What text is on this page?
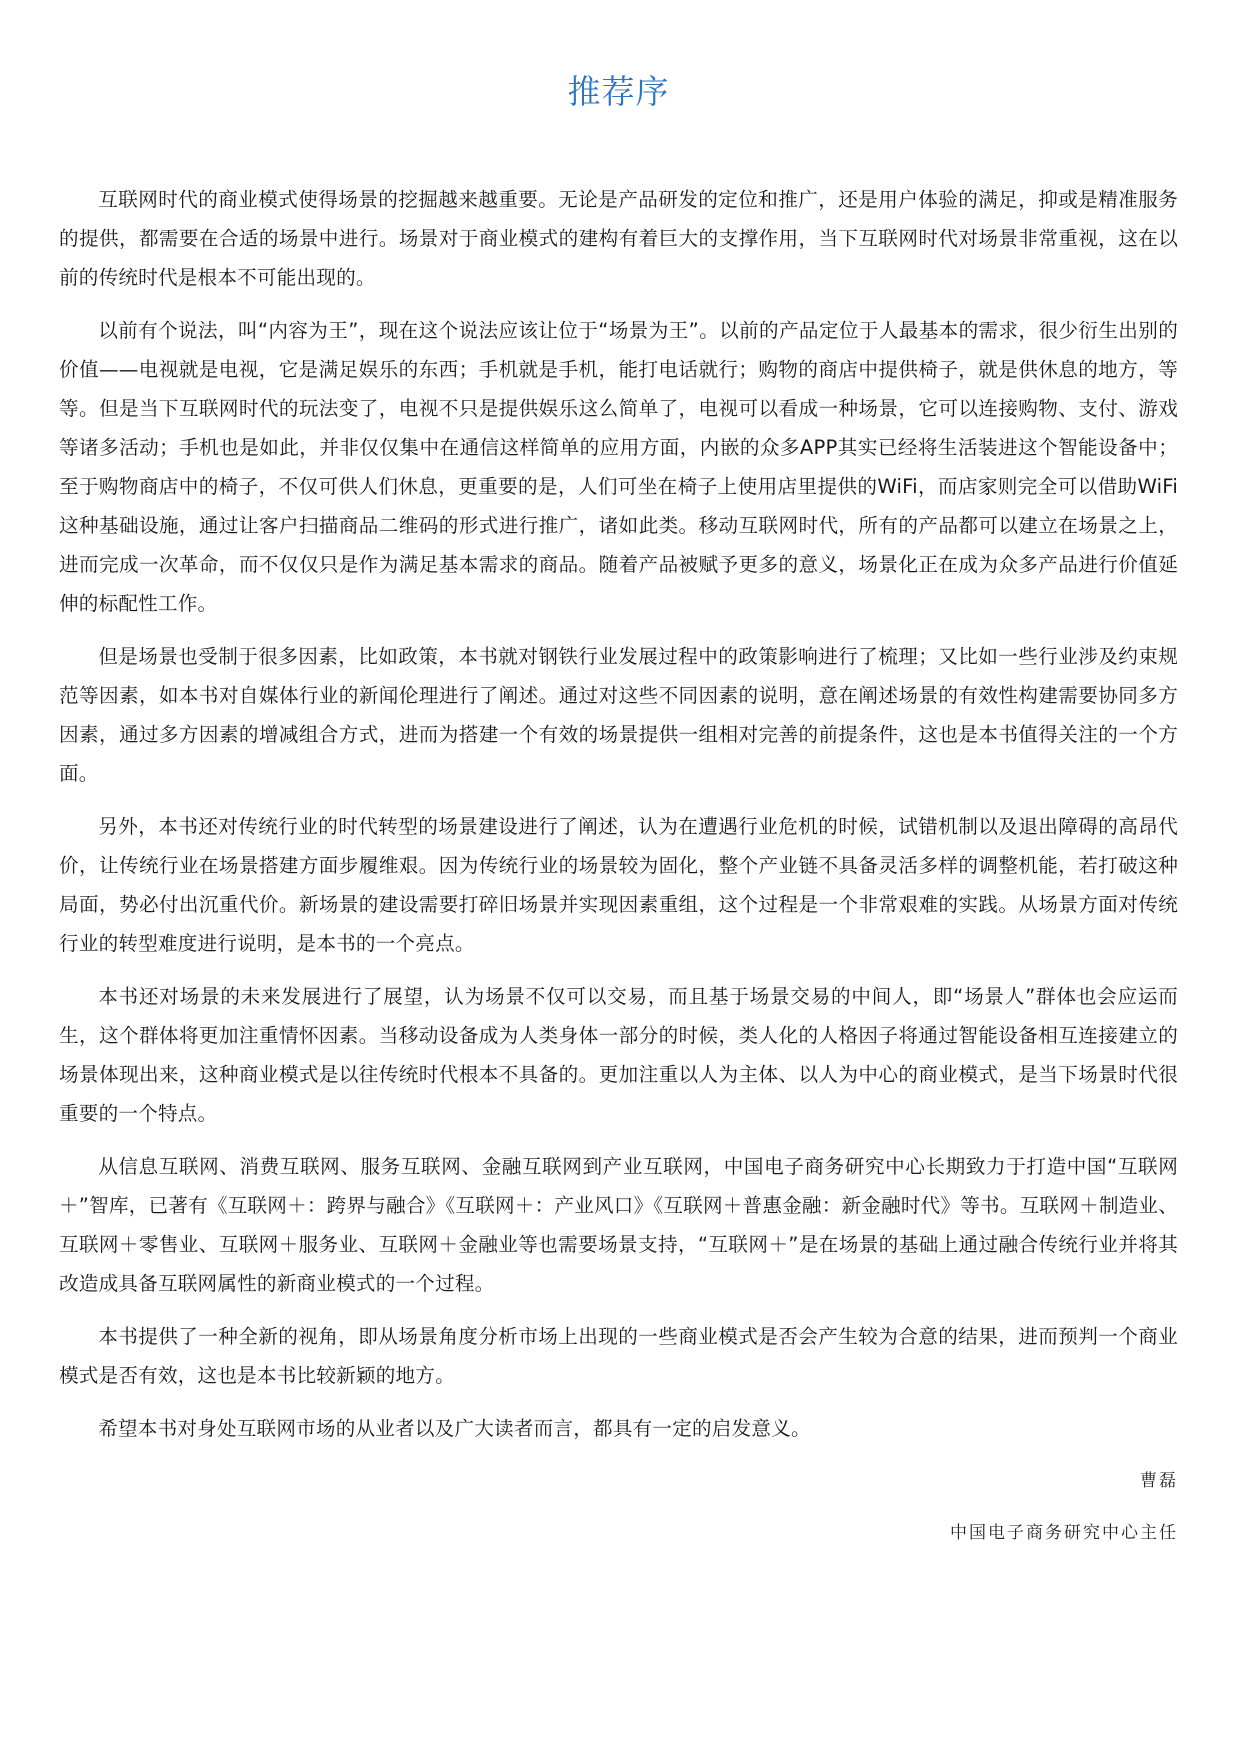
推荐序

互联网时代的商业模式使得场景的挖掘越来越重要。无论是产品研发的定位和推广，还是用户体验的满足，抑或是精准服务的提供，都需要在合适的场景中进行。场景对于商业模式的建构有着巨大的支撑作用，当下互联网时代对场景非常重视，这在以前的传统时代是根本不可能出现的。

以前有个说法，叫“内容为王”，现在这个说法应该让位于“场景为王”。以前的产品定位于人最基本的需求，很少衍生出别的价值——电视就是电视，它是满足娱乐的东西；手机就是手机，能打电话就行；购物的商店中提供椅子，就是供休息的地方，等等。但是当下互联网时代的玩法变了，电视不只是提供娱乐这么简单了，电视可以看成一种场景，它可以连接购物、支付、游戏等诸多活动；手机也是如此，并非仅仅集中在通信这样简单的应用方面，内嵌的众多APP其实已经将生活装进这个智能设备中；至于购物商店中的椅子，不仅可供人们休息，更重要的是，人们可坐在椅子上使用店里提供的WiFi，而店家则完全可以借助WiFi这种基础设施，通过让客户扫描商品二维码的形式进行推广，诸如此类。移动互联网时代，所有的产品都可以建立在场景之上，进而完成一次革命，而不仅仅只是作为满足基本需求的商品。随着产品被赋予更多的意义，场景化正在成为众多产品进行价值延伸的标配性工作。

但是场景也受制于很多因素，比如政策，本书就对钢铁行业发展过程中的政策影响进行了梳理；又比如一些行业涉及约束规范等因素，如本书对自媒体行业的新闻伦理进行了阐述。通过对这些不同因素的说明，意在阐述场景的有效性构建需要协同多方因素，通过多方因素的增减组合方式，进而为搭建一个有效的场景提供一组相对完善的前提条件，这也是本书值得关注的一个方面。

另外，本书还对传统行业的时代转型的场景建设进行了阐述，认为在遭遇行业危机的时候，试错机制以及退出障碍的高昂代价，让传统行业在场景搭建方面步履维艰。因为传统行业的场景较为固化，整个产业链不具备灵活多样的调整机能，若打破这种局面，势必付出沉重代价。新场景的建设需要打碎旧场景并实现因素重组，这个过程是一个非常艰难的实践。从场景方面对传统行业的转型难度进行说明，是本书的一个亮点。

本书还对场景的未来发展进行了展望，认为场景不仅可以交易，而且基于场景交易的中间人，即“场景人”群体也会应运而生，这个群体将更加注重情怀因素。当移动设备成为人类身体一部分的时候，类人化的人格因子将通过智能设备相互连接建立的场景体现出来，这种商业模式是以往传统时代根本不具备的。更加注重以人为主体、以人为中心的商业模式，是当下场景时代很重要的一个特点。

从信息互联网、消费互联网、服务互联网、金融互联网到产业互联网，中国电子商务研究中心长期致力于打造中国“互联网＋”智库，已著有《互联网＋：跨界与融合》《互联网＋：产业风口》《互联网＋普惠金融：新金融时代》等书。互联网＋制造业、互联网＋零售业、互联网＋服务业、互联网＋金融业等也需要场景支持，“互联网＋”是在场景的基础上通过融合传统行业并将其改造成具备互联网属性的新商业模式的一个过程。

本书提供了一种全新的视角，即从场景角度分析市场上出现的一些商业模式是否会产生较为合意的结果，进而预判一个商业模式是否有效，这也是本书比较新颖的地方。

希望本书对身处互联网市场的从业者以及广大读者而言，都具有一定的启发意义。

曹磊

中国电子商务研究中心主任
